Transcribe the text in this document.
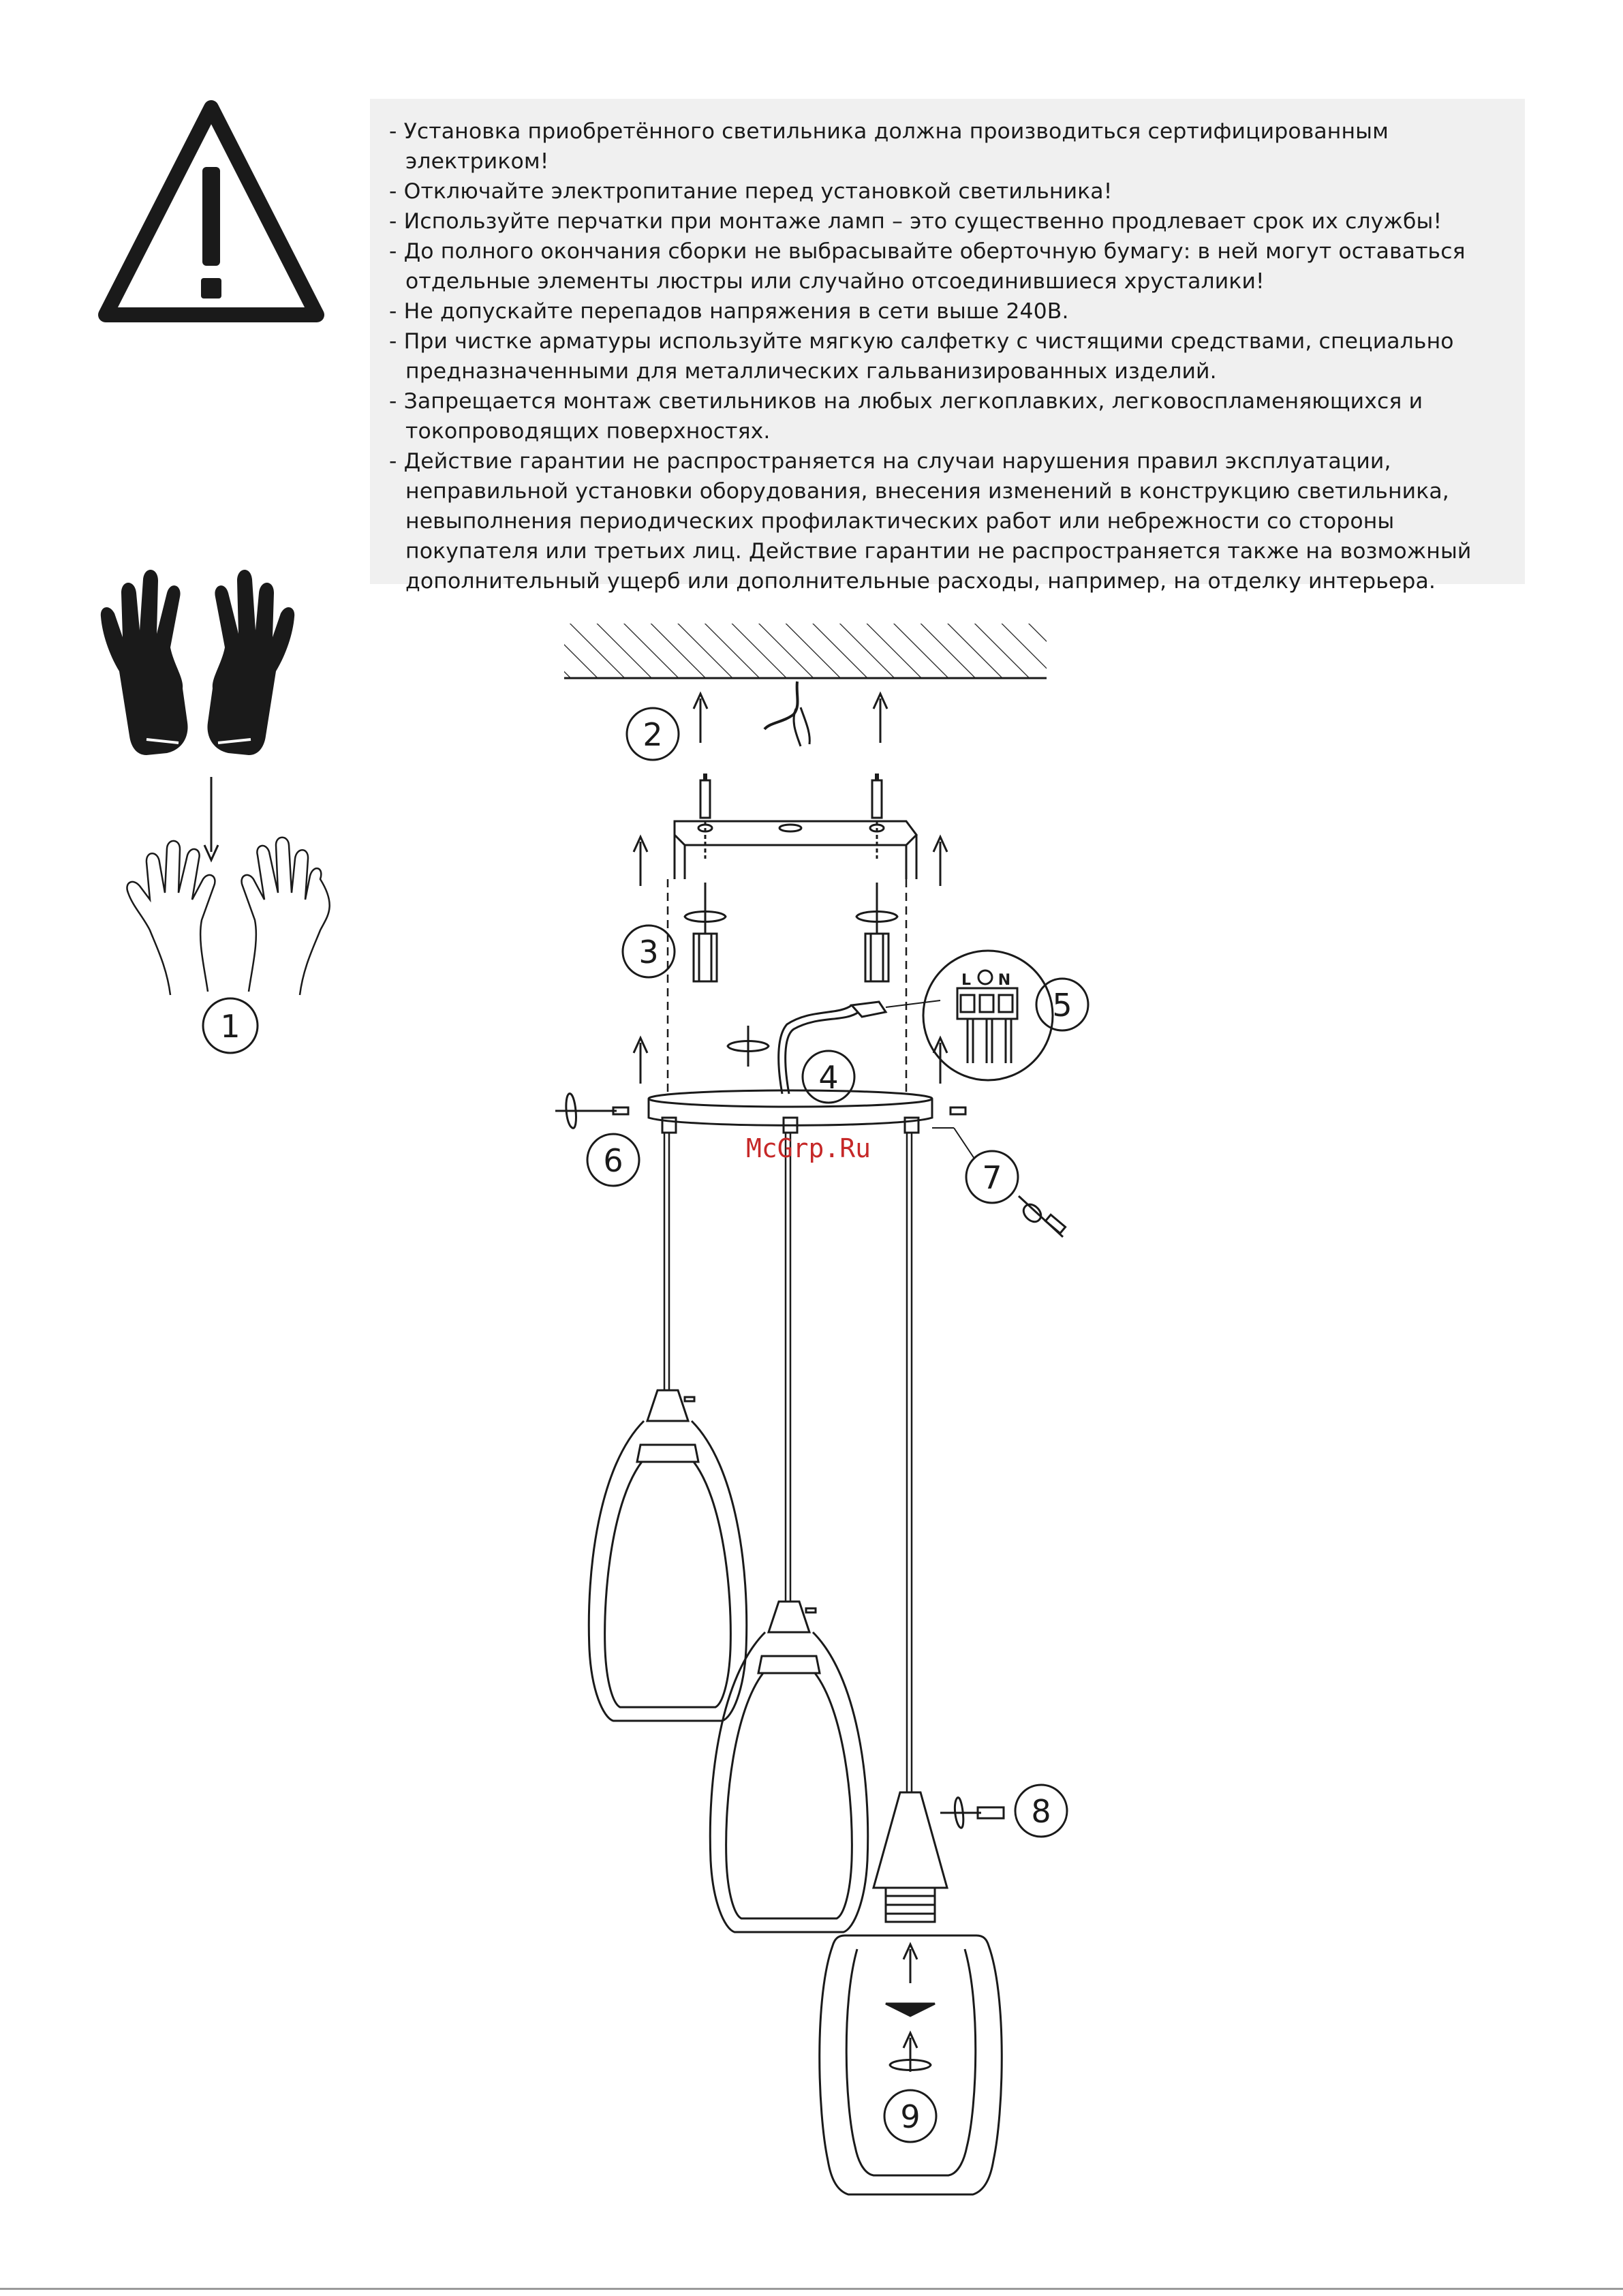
- Установка приобретённого светильника должна производиться сертифицированным электриком!
- Отключайте электропитание перед установкой светильника!
- Используйте перчатки при монтаже ламп – это существенно продлевает срок их службы!
- До полного окончания сборки не выбрасывайте оберточную бумагу: в ней могут оставаться отдельные элементы люстры или случайно отсоединившиеся хрусталики!
- Не допускайте перепадов напряжения в сети выше 240В.
- При чистке арматуры используйте мягкую салфетку с чистящими средствами, специально предназначенными для металлических гальванизированных изделий.
- Запрещается монтаж светильников на любых легкоплавких, легковоспламеняющихся и токопроводящих поверхностях.
- Действие гарантии не распространяется на случаи нарушения правил эксплуатации, неправильной установки оборудования, внесения изменений в конструкцию светильника, невыполнения периодических профилактических работ или небрежности со стороны покупателя или третьих лиц. Действие гарантии не распространяется также на возможный дополнительный ущерб или дополнительные расходы, например, на отделку интерьера.
1
2
3
4
5
6	7
8
9
L N
McGrp.Ru
